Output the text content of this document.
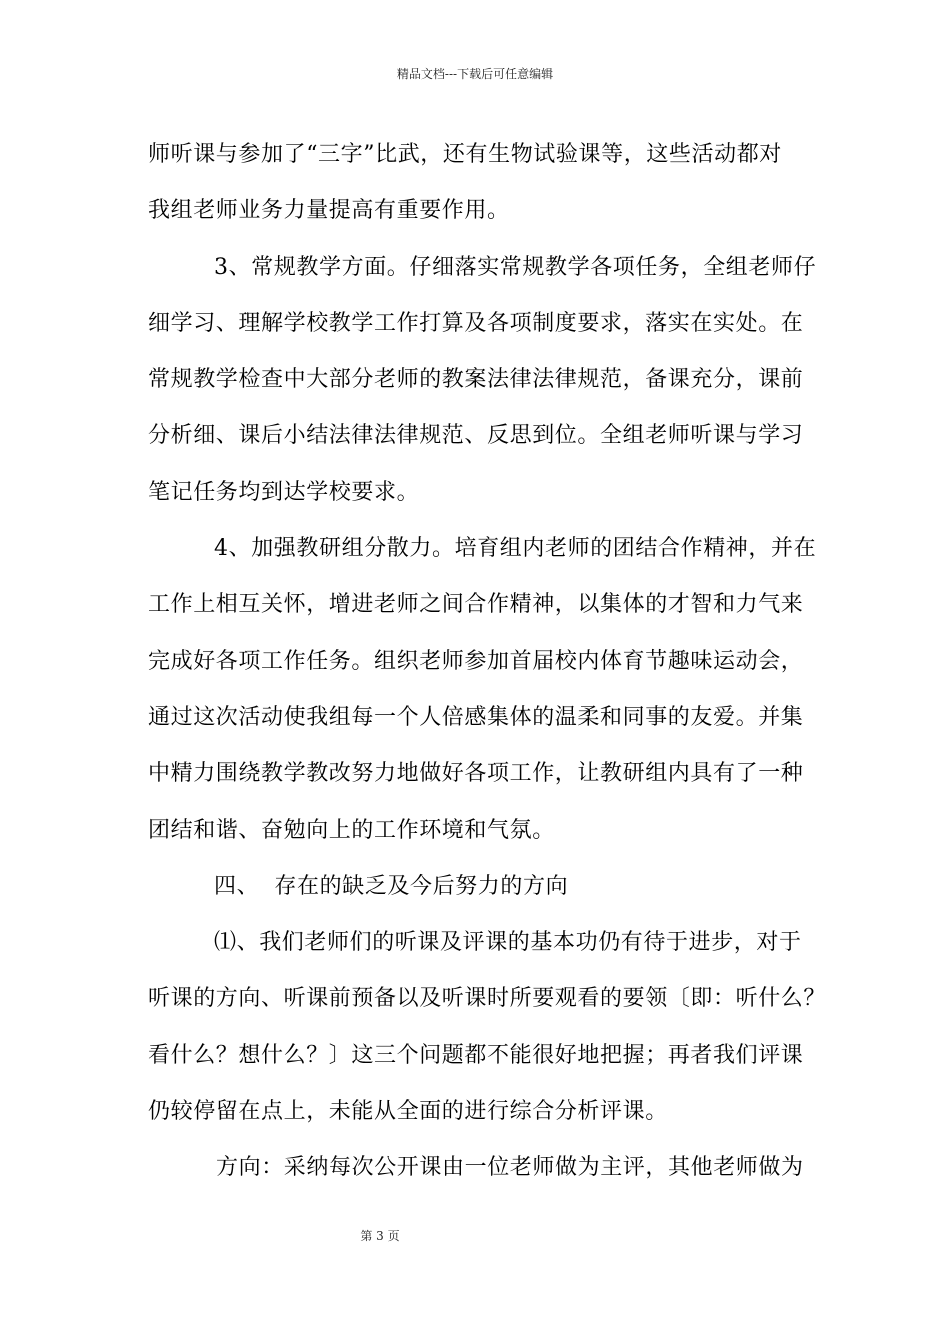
精品文档---下载后可任意编辑
师听课与参加了“三字”比武，还有生物试验课等，这些活动都对
我组老师业务力量提高有重要作用。
3、常规教学方面。仔细落实常规教学各项任务，全组老师仔
细学习、理解学校教学工作打算及各项制度要求，落实在实处。在
常规教学检查中大部分老师的教案法律法律规范，备课充分，课前
分析细、课后小结法律法律规范、反思到位。全组老师听课与学习
笔记任务均到达学校要求。
4、加强教研组分散力。培育组内老师的团结合作精神，并在
工作上相互关怀，增进老师之间合作精神，以集体的才智和力气来
完成好各项工作任务。组织老师参加首届校内体育节趣味运动会，
通过这次活动使我组每一个人倍感集体的温柔和同事的友爱。并集
中精力围绕教学教改努力地做好各项工作，让教研组内具有了一种
团结和谐、奋勉向上的工作环境和气氛。
四、  存在的缺乏及今后努力的方向
⑴、我们老师们的听课及评课的基本功仍有待于进步，对于
听课的方向、听课前预备以及听课时所要观看的要领〔即：听什么？
看什么？想什么？〕这三个问题都不能很好地把握；再者我们评课
仍较停留在点上，未能从全面的进行综合分析评课。
方向：采纳每次公开课由一位老师做为主评，其他老师做为
第 3 页
